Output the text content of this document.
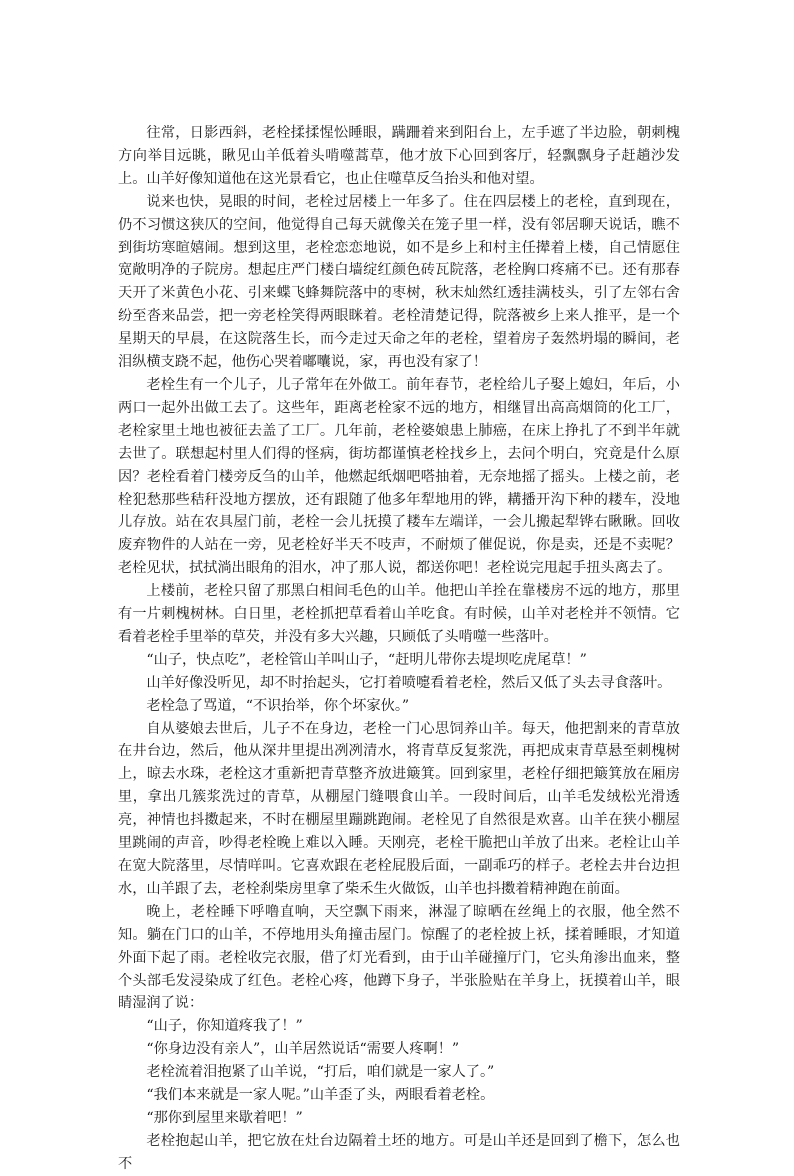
往常，日影西斜，老栓揉揉惺忪睡眼，蹒跚着来到阳台上，左手遮了半边脸，朝刺槐方向举目远眺，瞅见山羊低着头啃噬蒿草，他才放下心回到客厅，轻飘飘身子赶趟沙发上。山羊好像知道他在这光景看它，也止住噬草反刍抬头和他对望。

说来也快，晃眼的时间，老栓过居楼上一年多了。住在四层楼上的老栓，直到现在，仍不习惯这狭仄的空间，他觉得自己每天就像关在笼子里一样，没有邻居聊天说话，瞧不到街坊寒暄嬉闹。想到这里，老栓恋恋地说，如不是乡上和村主任撵着上楼，自己情愿住宽敞明净的子院房。想起庄严门楼白墙绽红颜色砖瓦院落，老栓胸口疼痛不已。还有那春天开了米黄色小花、引来蝶飞蜂舞院落中的枣树，秋末灿然红透挂满枝头，引了左邻右舍纷至沓来品尝，把一旁老栓笑得两眼眯着。老栓清楚记得，院落被乡上来人推平，是一个星期天的早晨，在这院落生长，而今走过天命之年的老栓，望着房子轰然坍塌的瞬间，老泪纵横支跷不起，他伤心哭着嘟囔说，家，再也没有家了！

老栓生有一个儿子，儿子常年在外做工。前年春节，老栓给儿子娶上媳妇，年后，小两口一起外出做工去了。这些年，距离老栓家不远的地方，相继冒出高高烟筒的化工厂，老栓家里土地也被征去盖了工厂。几年前，老栓婆娘患上肺癌，在床上挣扎了不到半年就去世了。联想起村里人们得的怪病，街坊都谨慎老栓找乡上，去问个明白，究竟是什么原因？老栓看着门楼旁反刍的山羊，他燃起纸烟吧嗒抽着，无奈地摇了摇头。上楼之前，老栓犯愁那些秸秆没地方摆放，还有跟随了他多年犁地用的铧，耩播开沟下种的耧车，没地儿存放。站在农具屋门前，老栓一会儿抚摸了耧车左端详，一会儿搬起犁铧右瞅瞅。回收废弃物件的人站在一旁，见老栓好半天不吱声，不耐烦了催促说，你是卖，还是不卖呢？老栓见状，拭拭淌出眼角的泪水，冲了那人说，都送你吧！老栓说完甩起手扭头离去了。

上楼前，老栓只留了那黑白相间毛色的山羊。他把山羊拴在靠楼房不远的地方，那里有一片刺槐树林。白日里，老栓抓把草看着山羊吃食。有时候，山羊对老栓并不领情。它看着老栓手里举的草芡，并没有多大兴趣，只顾低了头啃噬一些落叶。

“山子，快点吃”，老栓管山羊叫山子，“赶明儿带你去堤坝吃虎尾草！”

山羊好像没听见，却不时抬起头，它打着喷嚏看着老栓，然后又低了头去寻食落叶。

老栓急了骂道，“不识抬举，你个坏家伙。”

自从婆娘去世后，儿子不在身边，老栓一门心思饲养山羊。每天，他把割来的青草放在井台边，然后，他从深井里提出冽冽清水，将青草反复浆洗，再把成束青草悬至刺槐树上，晾去水珠，老栓这才重新把青草整齐放进簸箕。回到家里，老栓仔细把簸箕放在厢房里，拿出几簇浆洗过的青草，从棚屋门缝喂食山羊。一段时间后，山羊毛发绒松光滑透亮，神情也抖擞起来，不时在棚屋里蹦跳跑闹。老栓见了自然很是欢喜。山羊在狭小棚屋里跳闹的声音，吵得老栓晚上难以入睡。天刚亮，老栓干脆把山羊放了出来。老栓让山羊在宽大院落里，尽情咩叫。它喜欢跟在老栓屁股后面，一副乖巧的样子。老栓去井台边担水，山羊跟了去，老栓刹柴房里拿了柴禾生火做饭，山羊也抖擞着精神跑在前面。

晚上，老栓睡下呼噜直响，天空飘下雨来，淋湿了晾晒在丝绳上的衣服，他全然不知。躺在门口的山羊，不停地用头角撞击屋门。惊醒了的老栓披上袄，揉着睡眼，才知道外面下起了雨。老栓收完衣服，借了灯光看到，由于山羊碰撞厅门，它头角渗出血来，整个头部毛发浸染成了红色。老栓心疼，他蹲下身子，半张脸贴在羊身上，抚摸着山羊，眼睛湿润了说：

“山子，你知道疼我了！”

“你身边没有亲人”，山羊居然说话“需要人疼啊！”

老栓流着泪抱紧了山羊说，“打后，咱们就是一家人了。”

“我们本来就是一家人呢。”山羊歪了头，两眼看着老栓。

“那你到屋里来歇着吧！”

老栓抱起山羊，把它放在灶台边隔着土坯的地方。可是山羊还是回到了檐下，怎么也不
